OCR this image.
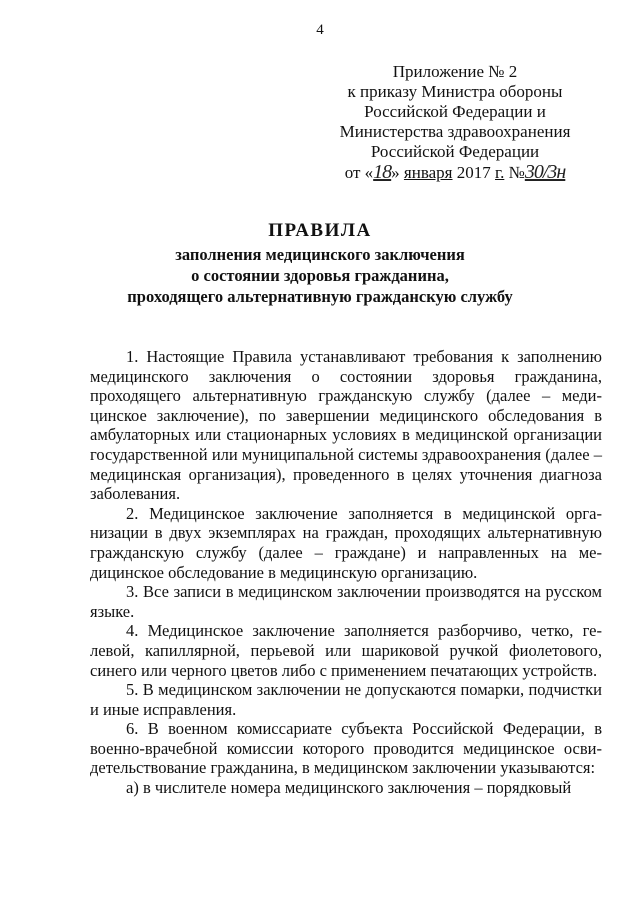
4
Приложение № 2
к приказу Министра обороны
Российской Федерации и
Министерства здравоохранения
Российской Федерации
от «18» января 2017 г. №30/3н
ПРАВИЛА
заполнения медицинского заключения
о состоянии здоровья гражданина,
проходящего альтернативную гражданскую службу

1. Настоящие Правила устанавливают требования к заполнению медицинского заключения о состоянии здоровья гражданина, проходящего альтернативную гражданскую службу (далее – медицинское заключение), по завершении медицинского обследования в амбулаторных или стационарных условиях в медицинской организации государственной или муниципальной системы здравоохранения (далее – медицинская организация), проведенного в целях уточнения диагноза заболевания.

2. Медицинское заключение заполняется в медицинской организации в двух экземплярах на граждан, проходящих альтернативную гражданскую службу (далее – граждане) и направленных на медицинское обследование в медицинскую организацию.

3. Все записи в медицинском заключении производятся на русском языке.

4. Медицинское заключение заполняется разборчиво, четко, гелевой, капиллярной, перьевой или шариковой ручкой фиолетового, синего или черного цветов либо с применением печатающих устройств.

5. В медицинском заключении не допускаются помарки, подчистки и иные исправления.

6. В военном комиссариате субъекта Российской Федерации, в военно-врачебной комиссии которого проводится медицинское освидетельствование гражданина, в медицинском заключении указываются:

а) в числителе номера медицинского заключения – порядковый
